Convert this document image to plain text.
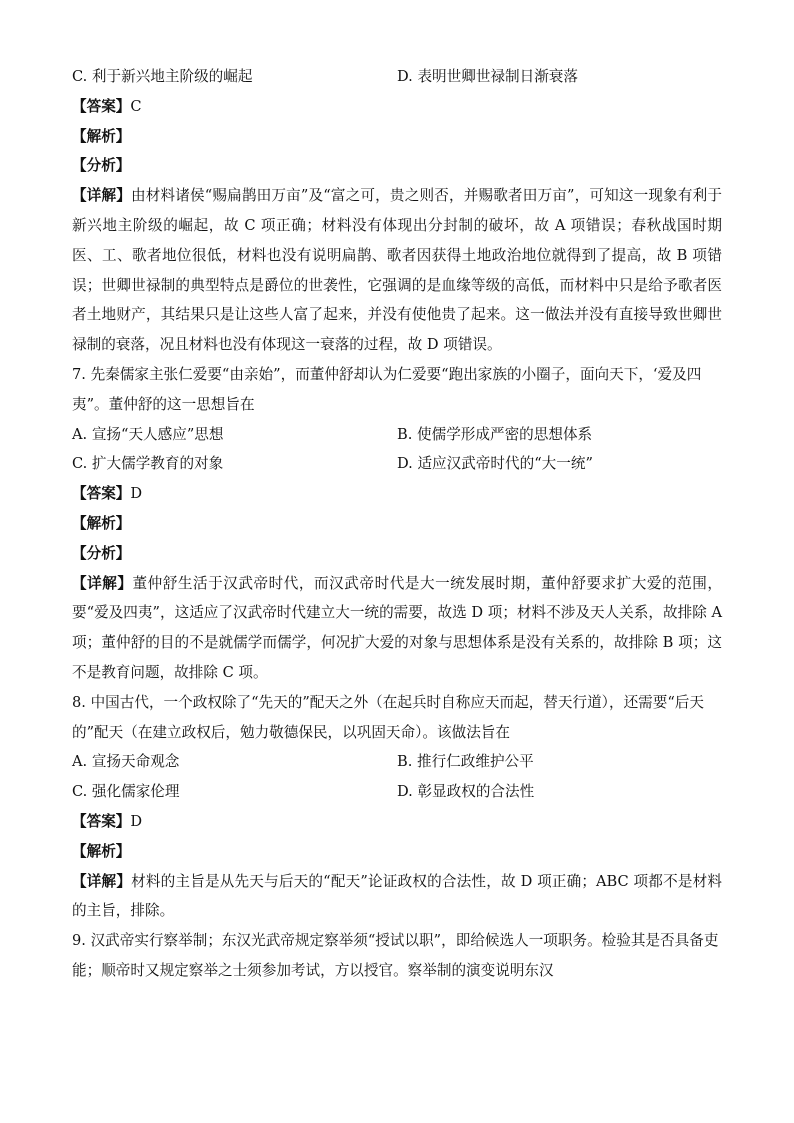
C. 利于新兴地主阶级的崛起	D. 表明世卿世禄制日渐衰落
【答案】C
【解析】
【分析】
【详解】由材料诸侯“赐扁鹊田万亩”及“富之可，贵之则否，并赐歌者田万亩”，可知这一现象有利于新兴地主阶级的崛起，故 C 项正确；材料没有体现出分封制的破坏，故 A 项错误；春秋战国时期医、工、歌者地位很低，材料也没有说明扁鹊、歌者因获得土地政治地位就得到了提高，故 B 项错误；世卿世禄制的典型特点是爵位的世袭性，它强调的是血缘等级的高低，而材料中只是给予歌者医者土地财产，其结果只是让这些人富了起来，并没有使他贵了起来。这一做法并没有直接导致世卿世禄制的衰落，况且材料也没有体现这一衰落的过程，故 D 项错误。
7. 先秦儒家主张仁爱要“由亲始”，而董仲舒却认为仁爱要“跑出家族的小圈子，面向天下，‘爱及四夷”。董仲舒的这一思想旨在
A. 宣扬“天人感应”思想	B. 使儒学形成严密的思想体系
C. 扩大儒学教育的对象	D. 适应汉武帝时代的“大一统”
【答案】D
【解析】
【分析】
【详解】董仲舒生活于汉武帝时代，而汉武帝时代是大一统发展时期，董仲舒要求扩大爱的范围，要“爱及四夷”，这适应了汉武帝时代建立大一统的需要，故选 D 项；材料不涉及天人关系，故排除 A 项；董仲舒的目的不是就儒学而儒学，何况扩大爱的对象与思想体系是没有关系的，故排除 B 项；这不是教育问题，故排除 C 项。
8. 中国古代，一个政权除了“先天的”配天之外（在起兵时自称应天而起，替天行道），还需要“后天的”配天（在建立政权后，勉力敬德保民，以巩固天命）。该做法旨在
A. 宣扬天命观念	B. 推行仁政维护公平
C. 强化儒家伦理	D. 彰显政权的合法性
【答案】D
【解析】
【详解】材料的主旨是从先天与后天的“配天”论证政权的合法性，故 D 项正确；ABC 项都不是材料的主旨，排除。
9. 汉武帝实行察举制；东汉光武帝规定察举须“授试以职”，即给候选人一项职务。检验其是否具备吏能；顺帝时又规定察举之士须参加考试，方以授官。察举制的演变说明东汉
